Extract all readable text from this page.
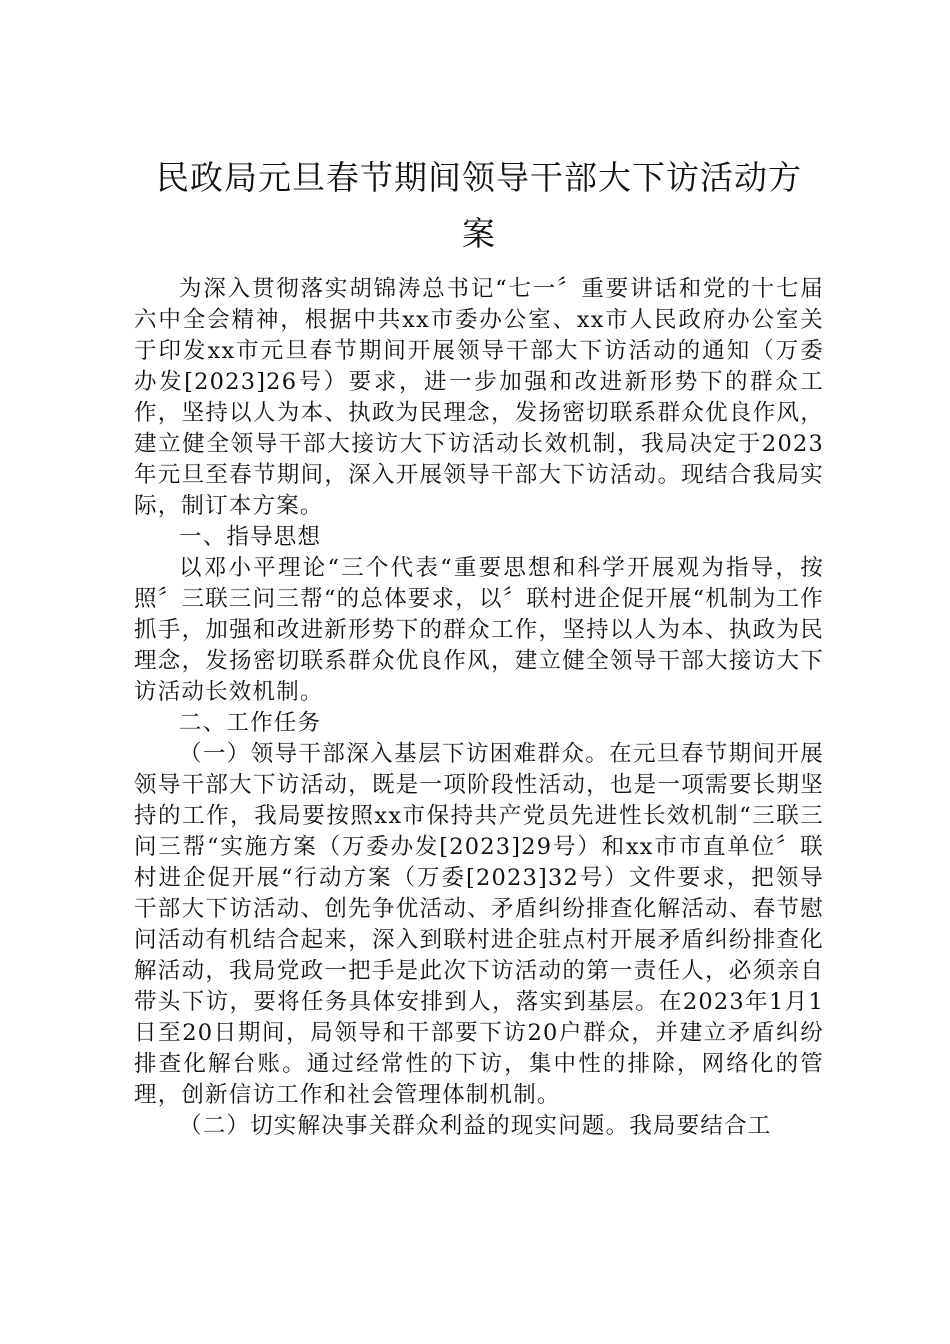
民政局元旦春节期间领导干部大下访活动方
案

为深入贯彻落实胡锦涛总书记“七一〞重要讲话和党的十七届六中全会精神，根据中共xx市委办公室、xx市人民政府办公室关于印发xx市元旦春节期间开展领导干部大下访活动的通知（万委办发[2023]26号）要求，进一步加强和改进新形势下的群众工作，坚持以人为本、执政为民理念，发扬密切联系群众优良作风，建立健全领导干部大接访大下访活动长效机制，我局决定于2023年元旦至春节期间，深入开展领导干部大下访活动。现结合我局实际，制订本方案。

一、指导思想

以邓小平理论“三个代表“重要思想和科学开展观为指导，按照〞三联三问三帮“的总体要求，以〞联村进企促开展“机制为工作抓手，加强和改进新形势下的群众工作，坚持以人为本、执政为民理念，发扬密切联系群众优良作风，建立健全领导干部大接访大下访活动长效机制。

二、工作任务

（一）领导干部深入基层下访困难群众。在元旦春节期间开展领导干部大下访活动，既是一项阶段性活动，也是一项需要长期坚持的工作，我局要按照xx市保持共产党员先进性长效机制“三联三问三帮“实施方案（万委办发[2023]29号）和xx市市直单位〞联村进企促开展“行动方案（万委[2023]32号）文件要求，把领导干部大下访活动、创先争优活动、矛盾纠纷排查化解活动、春节慰问活动有机结合起来，深入到联村进企驻点村开展矛盾纠纷排查化解活动，我局党政一把手是此次下访活动的第一责任人，必须亲自带头下访，要将任务具体安排到人，落实到基层。在2023年1月1日至20日期间，局领导和干部要下访20户群众，并建立矛盾纠纷排查化解台账。通过经常性的下访，集中性的排除，网络化的管理，创新信访工作和社会管理体制机制。

（二）切实解决事关群众利益的现实问题。我局要结合工
